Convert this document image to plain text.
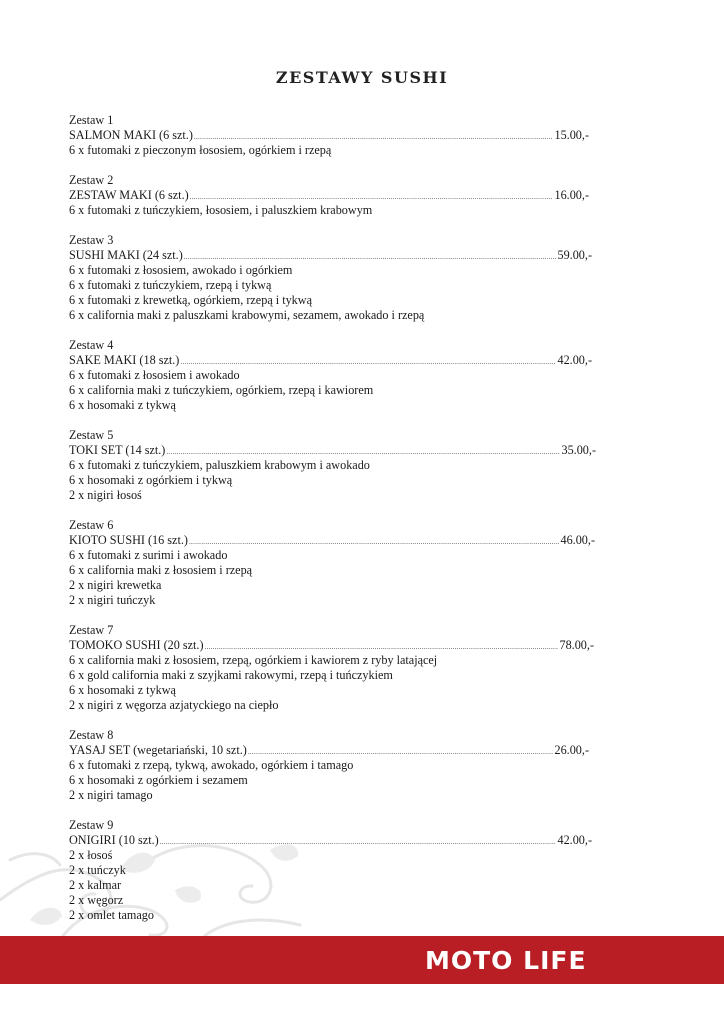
ZESTAWY SUSHI
Zestaw 1
SALMON MAKI (6 szt.) .....	15.00,-
6 x futomaki z pieczonym łososiem, ogórkiem i rzepą
Zestaw 2
ZESTAW MAKI (6 szt.) .....	16.00,-
6 x futomaki z tuńczykiem, łososiem, i paluszkiem krabowym
Zestaw 3
SUSHI MAKI (24 szt.) .....	59.00,-
6 x futomaki z łososiem, awokado i ogórkiem
6 x futomaki z tuńczykiem, rzepą i tykwą
6 x futomaki z krewetką, ogórkiem, rzepą i tykwą
6 x california maki z paluszkami krabowymi, sezamem, awokado i rzepą
Zestaw 4
SAKE MAKI (18 szt.) .....	42.00,-
6 x futomaki z łososiem i awokado
6 x california maki z tuńczykiem, ogórkiem, rzepą i kawiorem
6 x hosomaki z tykwą
Zestaw 5
TOKI SET (14 szt.) .....	35.00,-
6 x futomaki z tuńczykiem, paluszkiem krabowym i awokado
6 x hosomaki z ogórkiem i tykwą
2 x nigiri łosoś
Zestaw 6
KIOTO SUSHI (16 szt.) .....	46.00,-
6 x futomaki z surimi i awokado
6 x california maki z łososiem i rzepą
2 x nigiri krewetka
2 x nigiri tuńczyk
Zestaw 7
TOMOKO SUSHI (20 szt.) .....	78.00,-
6 x california maki z łososiem, rzepą, ogórkiem i kawiorem z ryby latającej
6 x gold california maki z szyjkami rakowymi, rzepą i tuńczykiem
6 x hosomaki z tykwą
2 x nigiri z węgorza azjatyckiego na ciepło
Zestaw 8
YASAJ SET (wegetariański, 10 szt.) .....	26.00,-
6 x futomaki z rzepą, tykwą, awokado, ogórkiem i tamago
6 x hosomaki z ogórkiem i sezamem
2 x nigiri tamago
Zestaw 9
ONIGIRI (10 szt.) .....	42.00,-
2 x łosoś
2 x tuńczyk
2 x kalmar
2 x węgorz
2 x omlet tamago
MOTO LIFE
